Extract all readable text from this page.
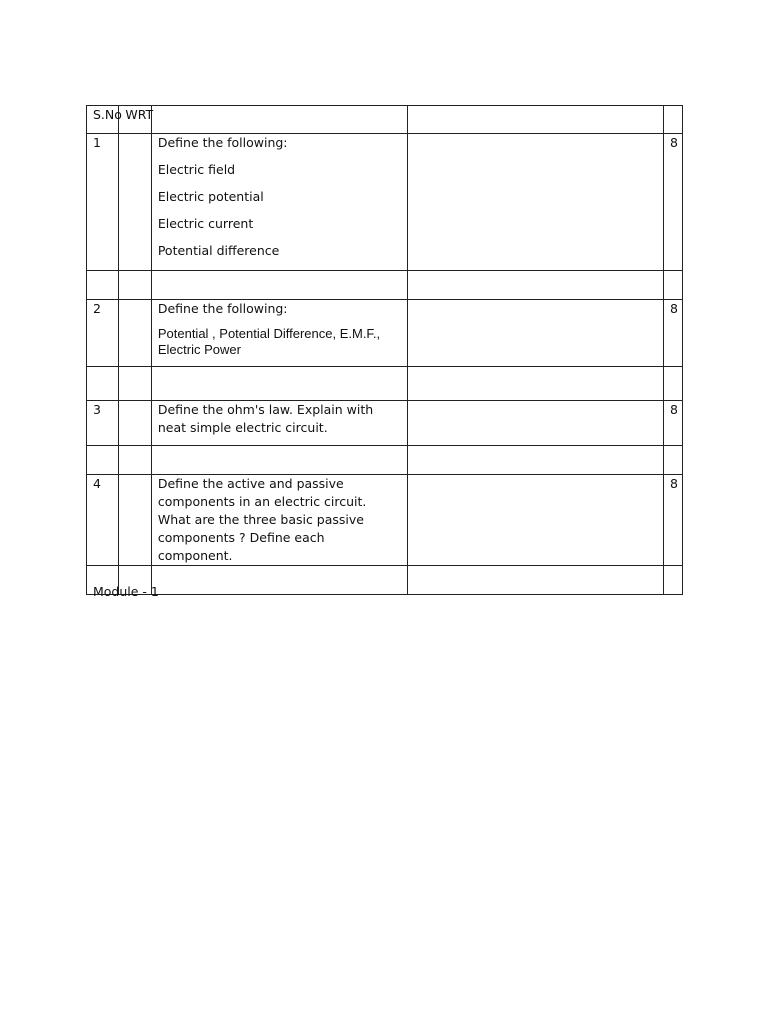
S.No	WRT			
1		Define the following:
Electric field
Electric potential
Electric current
Potential difference		8

2		Define the following:
Potential , Potential Difference, E.M.F., Electric Power		8

3		Define the ohm's law. Explain with neat simple electric circuit.		8

4		Define the active and passive components in an electric circuit. What are the three basic passive components ? Define each component.		8

Module - 1
